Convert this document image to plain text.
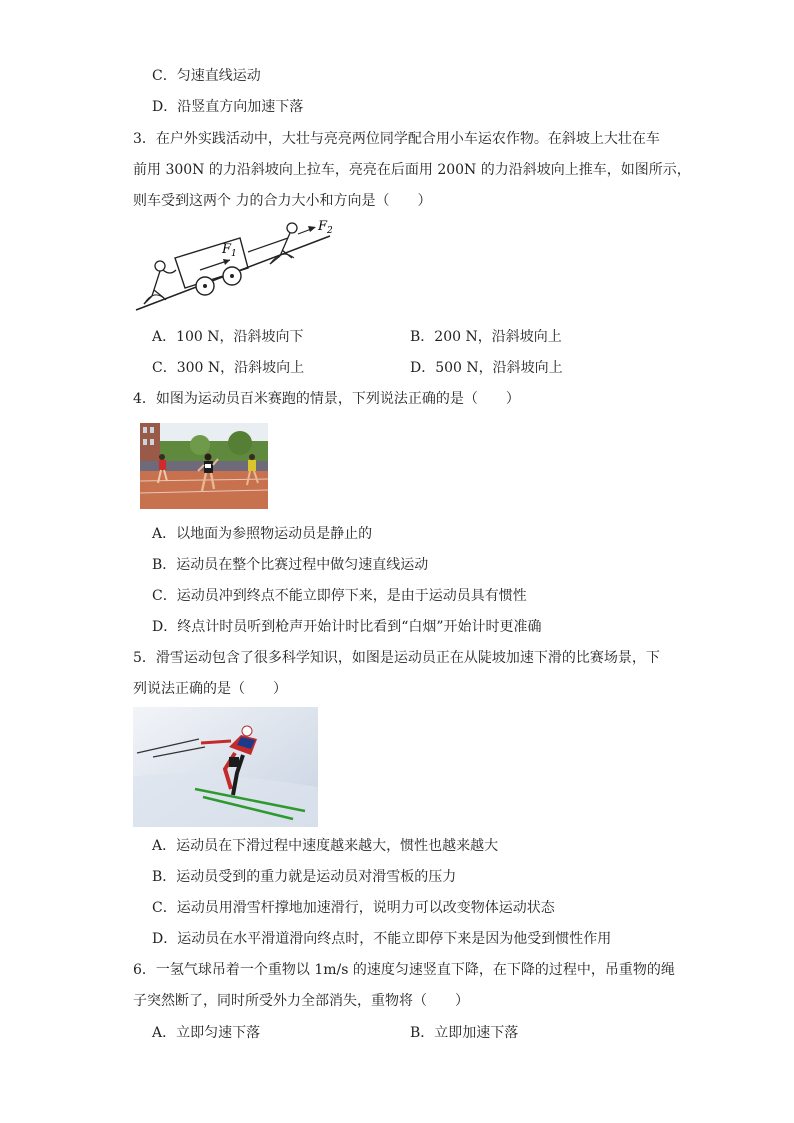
C．匀速直线运动
D．沿竖直方向加速下落
3．在户外实践活动中，大壮与亮亮两位同学配合用小车运农作物。在斜坡上大壮在车
前用 300N 的力沿斜坡向上拉车，亮亮在后面用 200N 的力沿斜坡向上推车，如图所示，
则车受到这两个 力的合力大小和方向是（　　）
$F_1$
$F_2$
A．100 N，沿斜坡向下	B．200 N，沿斜坡向上
C．300 N，沿斜坡向上	D．500 N，沿斜坡向上
4．如图为运动员百米赛跑的情景，下列说法正确的是（　　）
A．以地面为参照物运动员是静止的
B．运动员在整个比赛过程中做匀速直线运动
C．运动员冲到终点不能立即停下来，是由于运动员具有惯性
D．终点计时员听到枪声开始计时比看到“白烟”开始计时更准确
5．滑雪运动包含了很多科学知识，如图是运动员正在从陡坡加速下滑的比赛场景，下
列说法正确的是（　　）
A．运动员在下滑过程中速度越来越大，惯性也越来越大
B．运动员受到的重力就是运动员对滑雪板的压力
C．运动员用滑雪杆撑地加速滑行，说明力可以改变物体运动状态
D．运动员在水平滑道滑向终点时，不能立即停下来是因为他受到惯性作用
6．一氢气球吊着一个重物以 1m/s 的速度匀速竖直下降，在下降的过程中，吊重物的绳
子突然断了，同时所受外力全部消失，重物将（　　）
A．立即匀速下落	B．立即加速下落
